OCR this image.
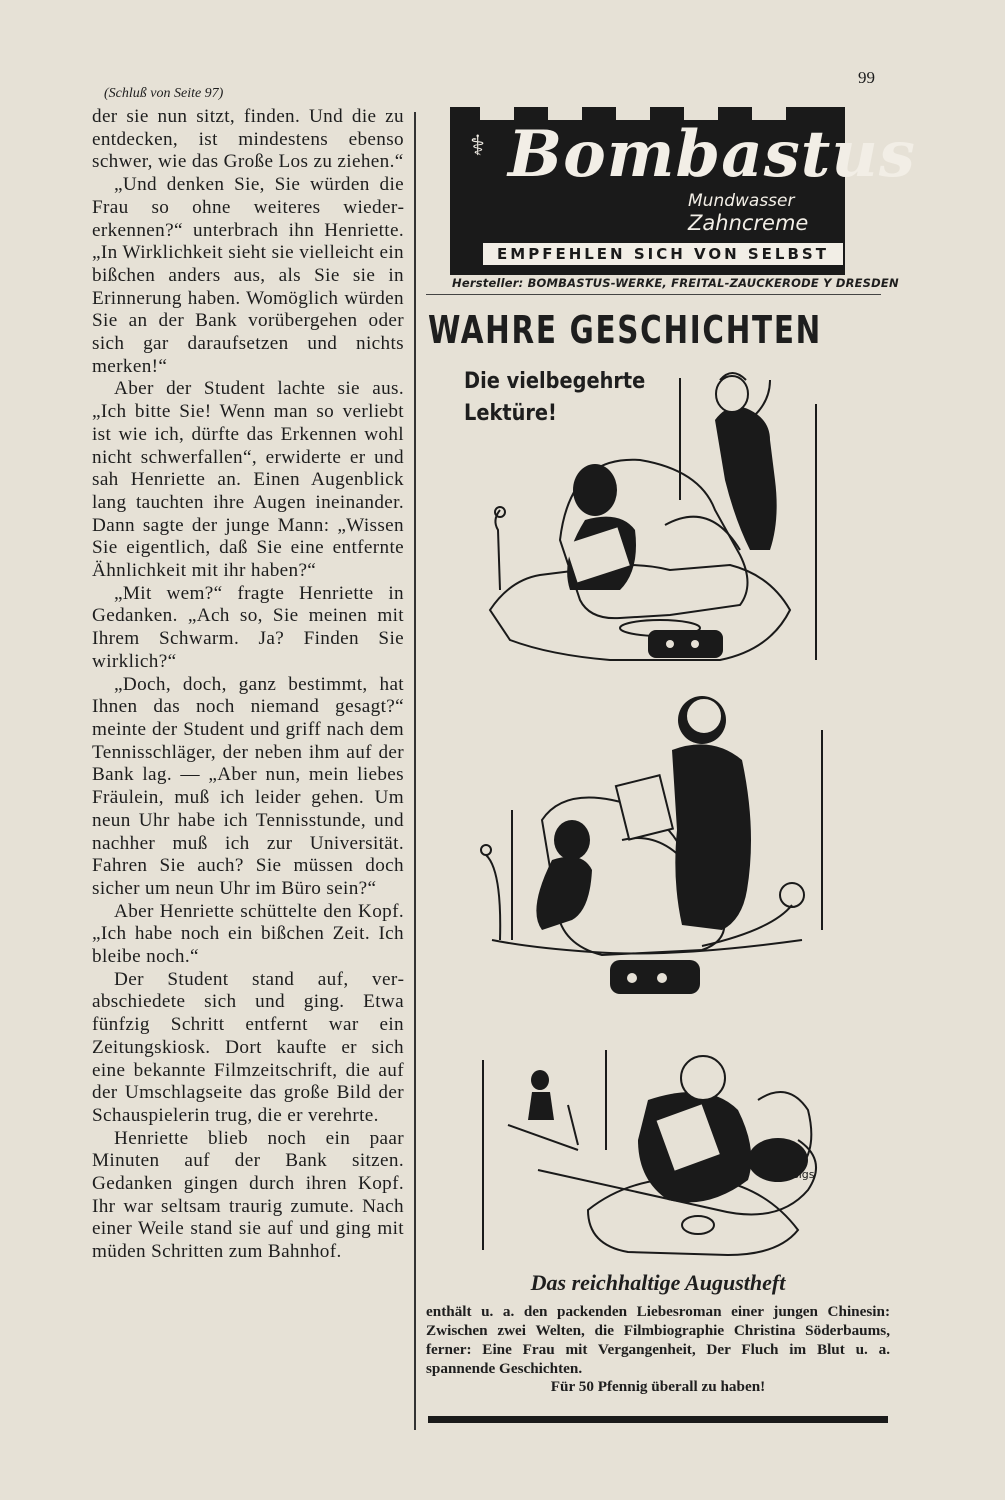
99
(Schluß von Seite 97)

der sie nun sitzt, finden. Und die zu entdecken, ist mindestens ebenso schwer, wie das Große Los zu ziehen.“

„Und denken Sie, Sie würden die Frau so ohne weiteres wiedererkennen?“ unterbrach ihn Henriette. „In Wirklichkeit sieht sie vielleicht ein bißchen anders aus, als Sie sie in Erinnerung haben. Womöglich würden Sie an der Bank vorübergehen oder sich gar daraufsetzen und nichts merken!“

Aber der Student lachte sie aus. „Ich bitte Sie! Wenn man so verliebt ist wie ich, dürfte das Erkennen wohl nicht schwerfallen“, erwiderte er und sah Henriette an. Einen Augenblick lang tauchten ihre Augen ineinander. Dann sagte der junge Mann: „Wissen Sie eigentlich, daß Sie eine entfernte Ähnlichkeit mit ihr haben?“

„Mit wem?“ fragte Henriette in Gedanken. „Ach so, Sie meinen mit Ihrem Schwarm. Ja? Finden Sie wirklich?“

„Doch, doch, ganz bestimmt, hat Ihnen das noch niemand gesagt?“ meinte der Student und griff nach dem Tennisschläger, der neben ihm auf der Bank lag. — „Aber nun, mein liebes Fräulein, muß ich leider gehen. Um neun Uhr habe ich Tennisstunde, und nachher muß ich zur Universität. Fahren Sie auch? Sie müssen doch sicher um neun Uhr im Büro sein?“

Aber Henriette schüttelte den Kopf. „Ich habe noch ein bißchen Zeit. Ich bleibe noch.“

Der Student stand auf, verabschiedete sich und ging. Etwa fünfzig Schritt entfernt war ein Zeitungskiosk. Dort kaufte er sich eine bekannte Filmzeitschrift, die auf der Umschlagseite das große Bild der Schauspielerin trug, die er verehrte.

Henriette blieb noch ein paar Minuten auf der Bank sitzen. Gedanken gingen durch ihren Kopf. Ihr war seltsam traurig zumute. Nach einer Weile stand sie auf und ging mit müden Schritten zum Bahnhof.

⚕ Bombastus
Mundwasser
Zahncreme
EMPFEHLEN SICH VON SELBST
Hersteller: BOMBASTUS-WERKE, FREITAL-ZAUCKERODE Y DRESDEN
WAHRE GESCHICHTEN
Die vielbegehrte
Lektüre!
sigs
Das reichhaltige Augustheft
enthält u. a. den packenden Liebesroman einer jungen Chinesin: Zwischen zwei Welten, die Filmbiographie Christina Söderbaums, ferner: Eine Frau mit Vergangenheit, Der Fluch im Blut u. a. spannende Geschichten.
Für 50 Pfennig überall zu haben!
